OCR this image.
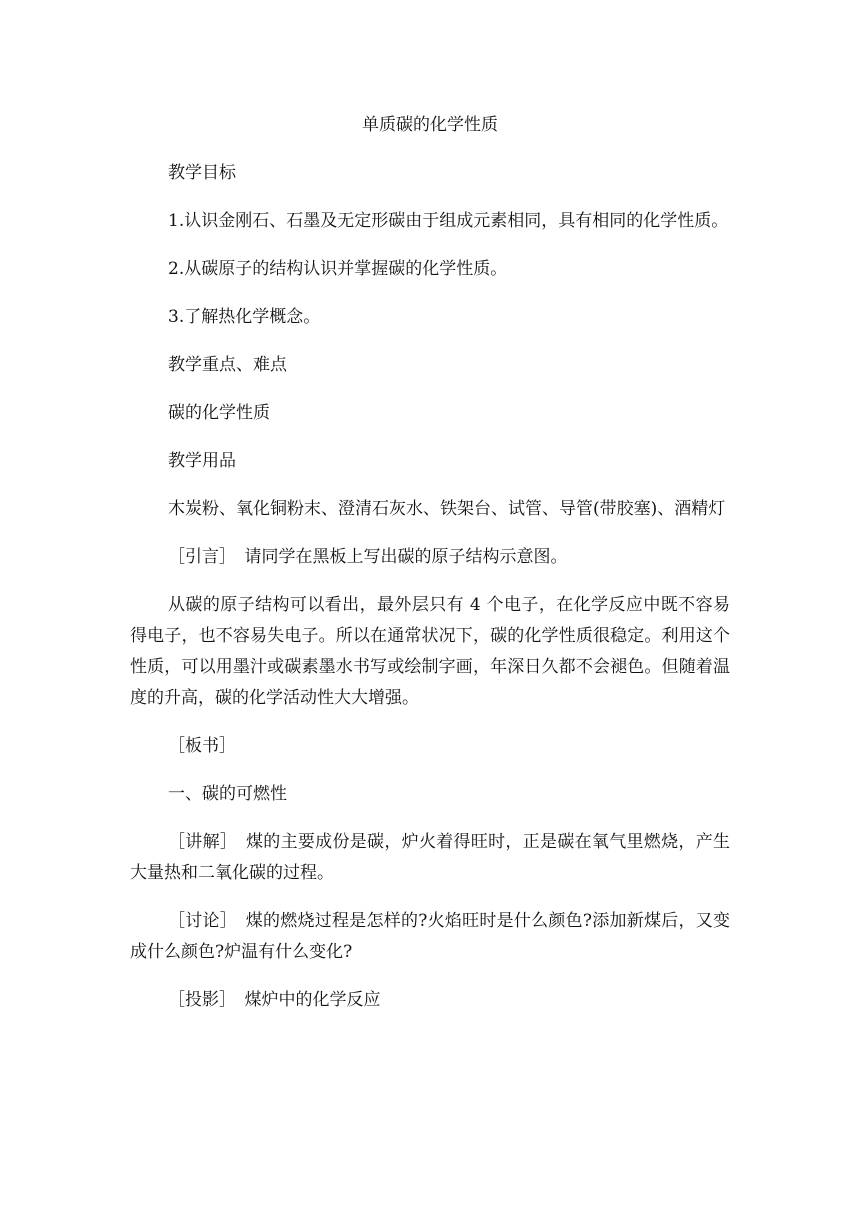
单质碳的化学性质

教学目标

1.认识金刚石、石墨及无定形碳由于组成元素相同，具有相同的化学性质。

2.从碳原子的结构认识并掌握碳的化学性质。

3.了解热化学概念。

教学重点、难点

碳的化学性质

教学用品

木炭粉、氧化铜粉末、澄清石灰水、铁架台、试管、导管(带胶塞)、酒精灯

［引言］　请同学在黑板上写出碳的原子结构示意图。

从碳的原子结构可以看出，最外层只有 4 个电子，在化学反应中既不容易得电子，也不容易失电子。所以在通常状况下，碳的化学性质很稳定。利用这个性质，可以用墨汁或碳素墨水书写或绘制字画，年深日久都不会褪色。但随着温度的升高，碳的化学活动性大大增强。

［板书］

一、碳的可燃性

［讲解］　煤的主要成份是碳，炉火着得旺时，正是碳在氧气里燃烧，产生大量热和二氧化碳的过程。

［讨论］　煤的燃烧过程是怎样的?火焰旺时是什么颜色?添加新煤后，又变成什么颜色?炉温有什么变化?

［投影］　煤炉中的化学反应
